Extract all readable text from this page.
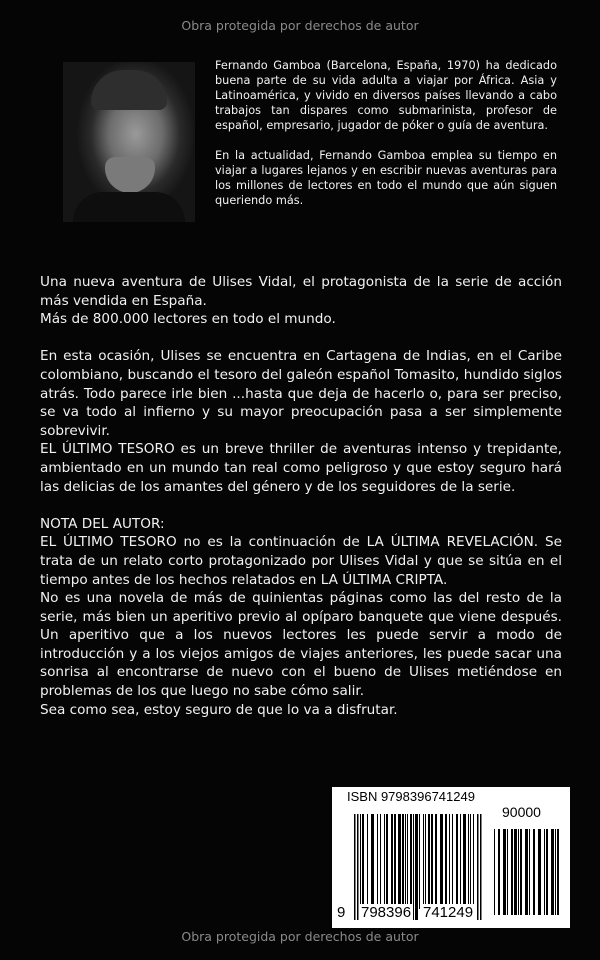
Obra protegida por derechos de autor

Fernando Gamboa (Barcelona, España, 1970) ha dedicado buena parte de su vida adulta a viajar por África. Asia y Latinoamérica, y vivido en diversos países llevando a cabo trabajos tan dispares como submarinista, profesor de español, empresario, jugador de póker o guía de aventura.

En la actualidad, Fernando Gamboa emplea su tiempo en viajar a lugares lejanos y en escribir nuevas aventuras para los millones de lectores en todo el mundo que aún siguen queriendo más.

Una nueva aventura de Ulises Vidal, el protagonista de la serie de acción más vendida en España.

Más de 800.000 lectores en todo el mundo.

En esta ocasión, Ulises se encuentra en Cartagena de Indias, en el Caribe colombiano, buscando el tesoro del galeón español Tomasito, hundido siglos atrás. Todo parece irle bien ...hasta que deja de hacerlo o, para ser preciso, se va todo al infierno y su mayor preocupación pasa a ser simplemente sobrevivir.

EL ÚLTIMO TESORO es un breve thriller de aventuras intenso y trepidante, ambientado en un mundo tan real como peligroso y que estoy seguro hará las delicias de los amantes del género y de los seguidores de la serie.

NOTA DEL AUTOR:

EL ÚLTIMO TESORO no es la continuación de LA ÚLTIMA REVELACIÓN. Se trata de un relato corto protagonizado por Ulises Vidal y que se sitúa en el tiempo antes de los hechos relatados en LA ÚLTIMA CRIPTA.

No es una novela de más de quinientas páginas como las del resto de la serie, más bien un aperitivo previo al opíparo banquete que viene después. Un aperitivo que a los nuevos lectores les puede servir a modo de introducción y a los viejos amigos de viajes anteriores, les puede sacar una sonrisa al encontrarse de nuevo con el bueno de Ulises metiéndose en problemas de los que luego no sabe cómo salir.

Sea como sea, estoy seguro de que lo va a disfrutar.

ISBN 9798396741249
90000
9 798396 741249
Obra protegida por derechos de autor
